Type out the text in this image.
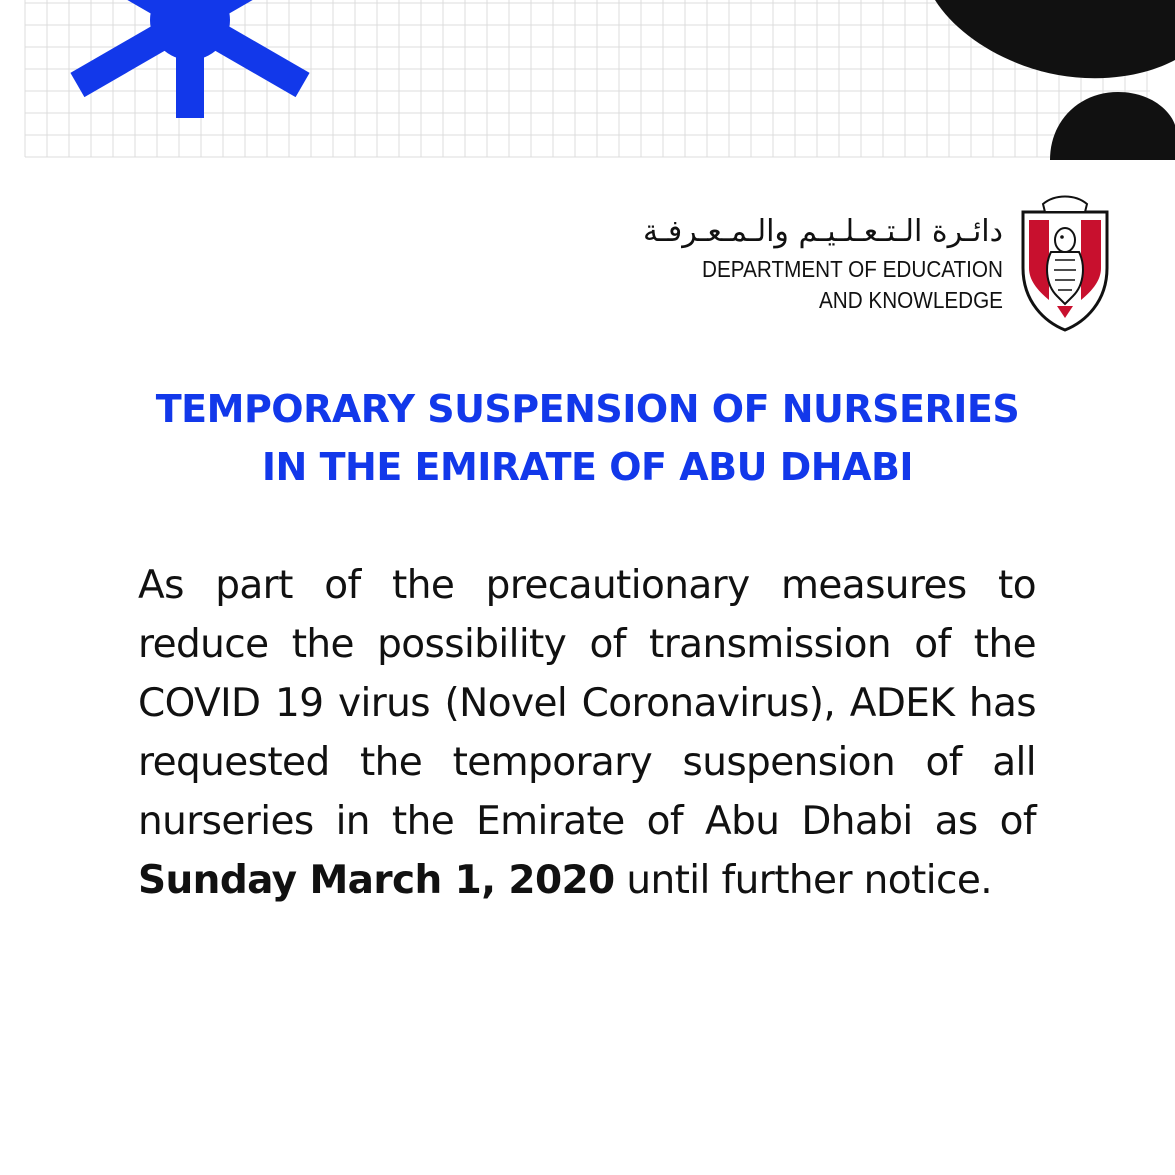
دائـرة الـتـعـلـيـم والـمـعـرفـة
DEPARTMENT OF EDUCATION
AND KNOWLEDGE
TEMPORARY SUSPENSION OF NURSERIES
IN THE EMIRATE OF ABU DHABI
As part of the precautionary measures to reduce the possibility of transmission of the COVID 19 virus (Novel Coronavirus), ADEK has requested the temporary suspension of all nurseries in the Emirate of Abu Dhabi as of Sunday March 1, 2020 until further notice.
